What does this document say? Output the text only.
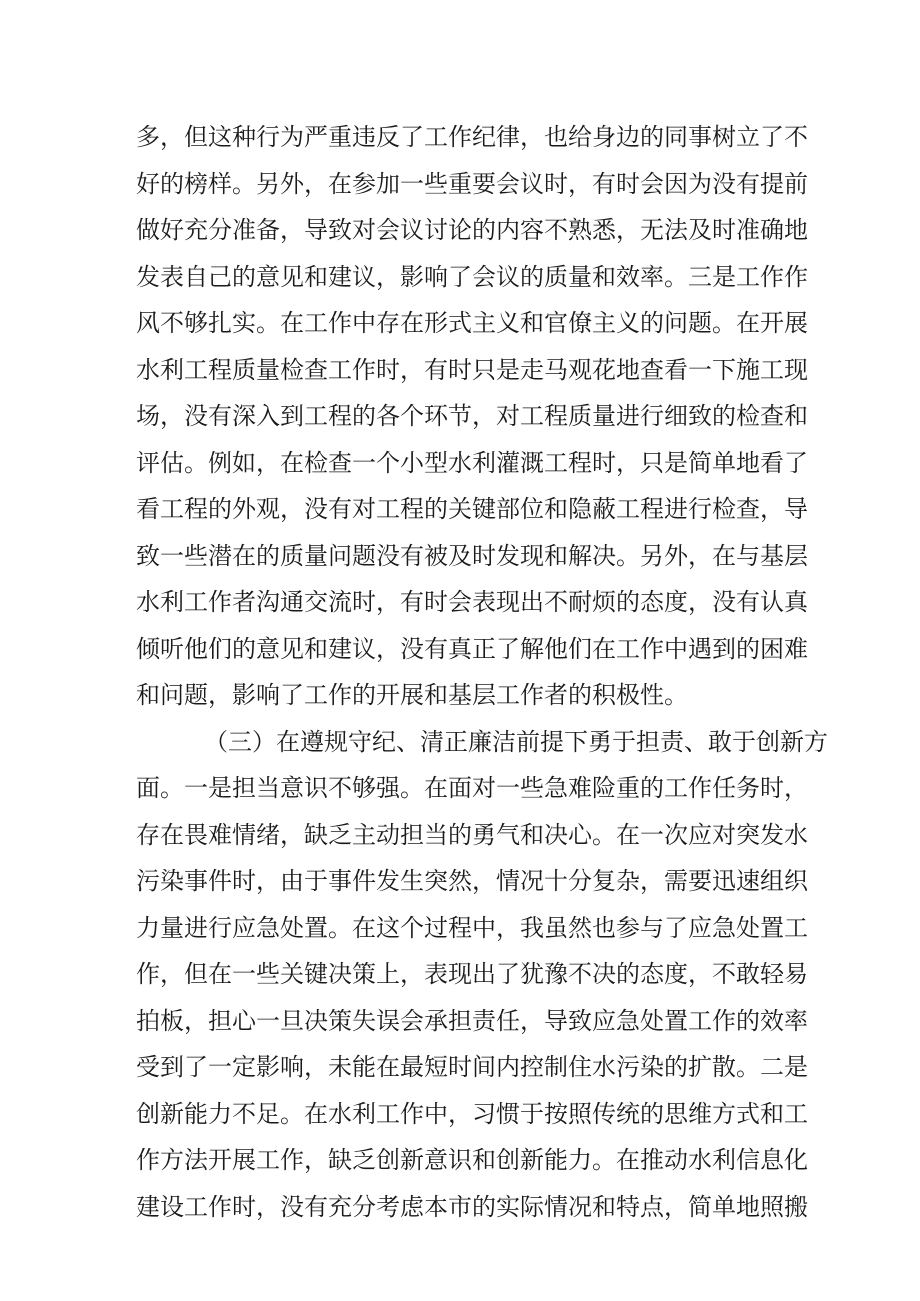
多，但这种行为严重违反了工作纪律，也给身边的同事树立了不
好的榜样。另外，在参加一些重要会议时，有时会因为没有提前
做好充分准备，导致对会议讨论的内容不熟悉，无法及时准确地
发表自己的意见和建议，影响了会议的质量和效率。三是工作作
风不够扎实。在工作中存在形式主义和官僚主义的问题。在开展
水利工程质量检查工作时，有时只是走马观花地查看一下施工现
场，没有深入到工程的各个环节，对工程质量进行细致的检查和
评估。例如，在检查一个小型水利灌溉工程时，只是简单地看了
看工程的外观，没有对工程的关键部位和隐蔽工程进行检查，导
致一些潜在的质量问题没有被及时发现和解决。另外，在与基层
水利工作者沟通交流时，有时会表现出不耐烦的态度，没有认真
倾听他们的意见和建议，没有真正了解他们在工作中遇到的困难
和问题，影响了工作的开展和基层工作者的积极性。
（三）在遵规守纪、清正廉洁前提下勇于担责、敢于创新方
面。一是担当意识不够强。在面对一些急难险重的工作任务时，
存在畏难情绪，缺乏主动担当的勇气和决心。在一次应对突发水
污染事件时，由于事件发生突然，情况十分复杂，需要迅速组织
力量进行应急处置。在这个过程中，我虽然也参与了应急处置工
作，但在一些关键决策上，表现出了犹豫不决的态度，不敢轻易
拍板，担心一旦决策失误会承担责任，导致应急处置工作的效率
受到了一定影响，未能在最短时间内控制住水污染的扩散。二是
创新能力不足。在水利工作中，习惯于按照传统的思维方式和工
作方法开展工作，缺乏创新意识和创新能力。在推动水利信息化
建设工作时，没有充分考虑本市的实际情况和特点，简单地照搬
